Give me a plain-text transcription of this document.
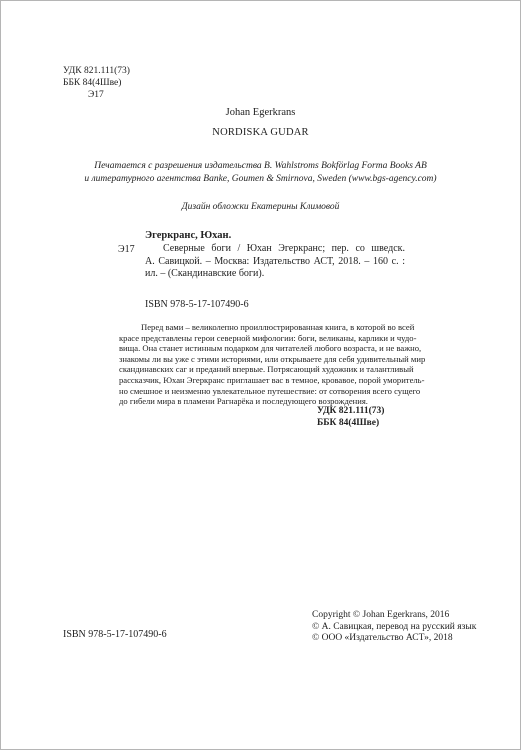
УДК 821.111(73)
ББК 84(4Шве)
Э17
Johan Egerkrans
NORDISKA GUDAR
Печатается с разрешения издательства B. Wahlstroms Bokförlag Forma Books AB
и литературного агентства Banke, Goumen & Smirnova, Sweden (www.bgs-agency.com)
Дизайн обложки Екатерины Климовой
Эгеркранс, Юхан.
Э17	Северные боги / Юхан Эгеркранс; пер. со шведск.
А. Савицкой. – Москва: Издательство АСТ, 2018. – 160 с. :
ил. – (Скандинавские боги).
ISBN 978-5-17-107490-6
Перед вами – великолепно проиллюстрированная книга, в которой во всей
красе представлены герои северной мифологии: боги, великаны, карлики и чудо-
вища. Она станет истинным подарком для читателей любого возраста, и не важно,
знакомы ли вы уже с этими историями, или открываете для себя удивительный мир
скандинавских саг и преданий впервые. Потрясающий художник и талантливый
рассказчик, Юхан Эгеркранс приглашает вас в темное, кровавое, порой уморитель-
но смешное и неизменно увлекательное путешествие: от сотворения всего сущего
до гибели мира в пламени Рагнарёка и последующего возрождения.
УДК 821.111(73)
ББК 84(4Шве)
ISBN 978-5-17-107490-6
Copyright © Johan Egerkrans, 2016
© А. Савицкая, перевод на русский язык
© ООО «Издательство АСТ», 2018
